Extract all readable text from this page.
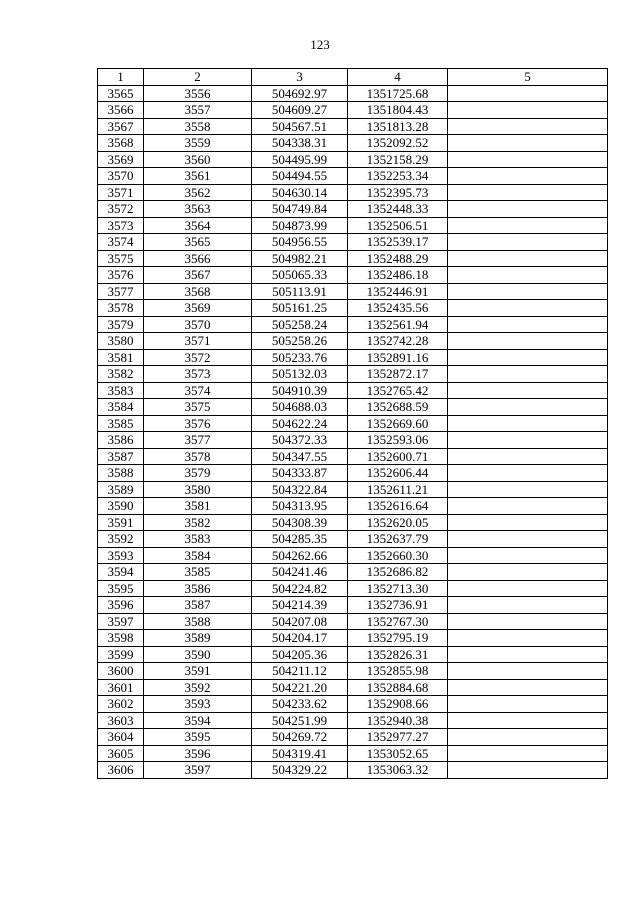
123
1	2	3	4	5
3565	3556	504692.97	1351725.68	
3566	3557	504609.27	1351804.43	
3567	3558	504567.51	1351813.28	
3568	3559	504338.31	1352092.52	
3569	3560	504495.99	1352158.29	
3570	3561	504494.55	1352253.34	
3571	3562	504630.14	1352395.73	
3572	3563	504749.84	1352448.33	
3573	3564	504873.99	1352506.51	
3574	3565	504956.55	1352539.17	
3575	3566	504982.21	1352488.29	
3576	3567	505065.33	1352486.18	
3577	3568	505113.91	1352446.91	
3578	3569	505161.25	1352435.56	
3579	3570	505258.24	1352561.94	
3580	3571	505258.26	1352742.28	
3581	3572	505233.76	1352891.16	
3582	3573	505132.03	1352872.17	
3583	3574	504910.39	1352765.42	
3584	3575	504688.03	1352688.59	
3585	3576	504622.24	1352669.60	
3586	3577	504372.33	1352593.06	
3587	3578	504347.55	1352600.71	
3588	3579	504333.87	1352606.44	
3589	3580	504322.84	1352611.21	
3590	3581	504313.95	1352616.64	
3591	3582	504308.39	1352620.05	
3592	3583	504285.35	1352637.79	
3593	3584	504262.66	1352660.30	
3594	3585	504241.46	1352686.82	
3595	3586	504224.82	1352713.30	
3596	3587	504214.39	1352736.91	
3597	3588	504207.08	1352767.30	
3598	3589	504204.17	1352795.19	
3599	3590	504205.36	1352826.31	
3600	3591	504211.12	1352855.98	
3601	3592	504221.20	1352884.68	
3602	3593	504233.62	1352908.66	
3603	3594	504251.99	1352940.38	
3604	3595	504269.72	1352977.27	
3605	3596	504319.41	1353052.65	
3606	3597	504329.22	1353063.32	
